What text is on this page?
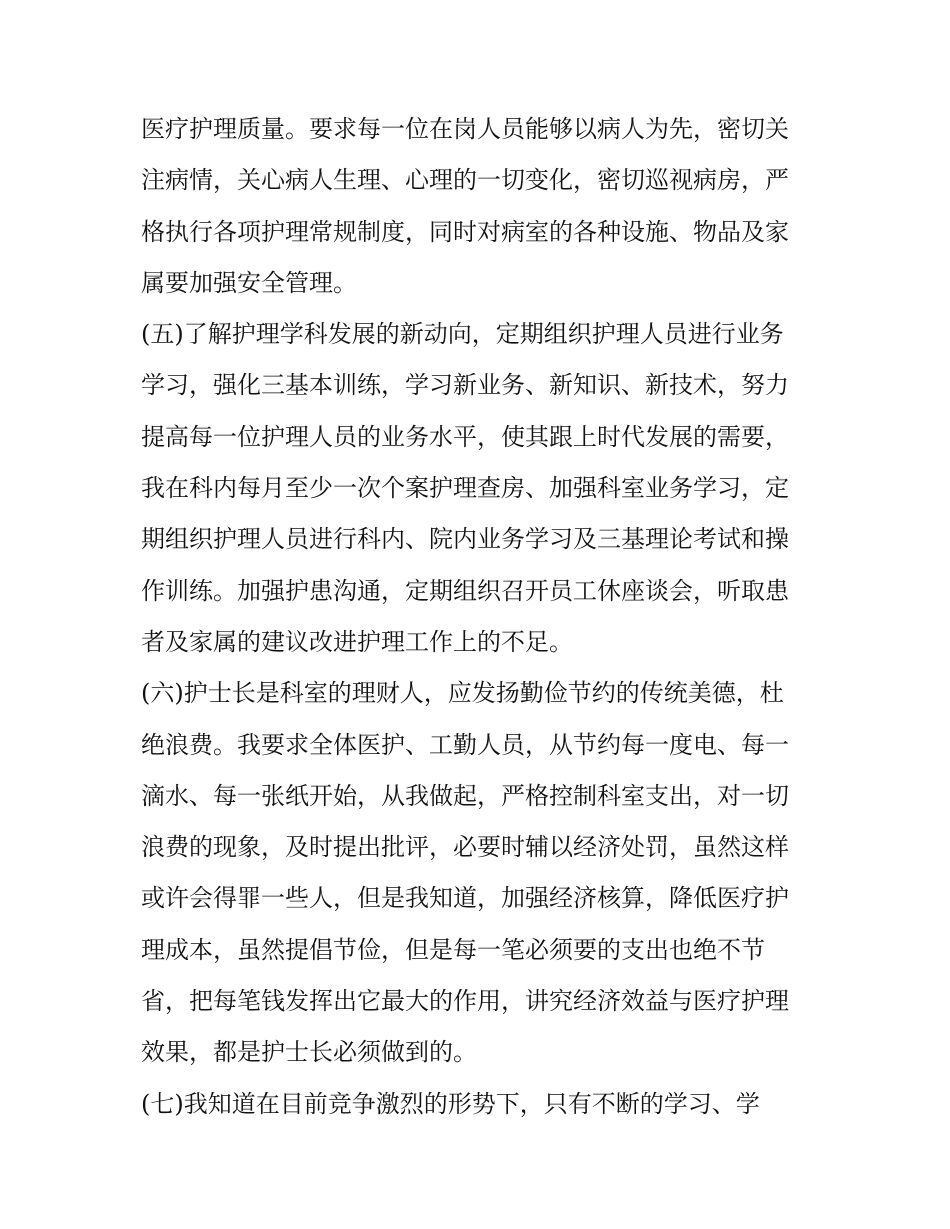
医疗护理质量。要求每一位在岗人员能够以病人为先，密切关
注病情，关心病人生理、心理的一切变化，密切巡视病房，严
格执行各项护理常规制度，同时对病室的各种设施、物品及家
属要加强安全管理。
(五)了解护理学科发展的新动向，定期组织护理人员进行业务
学习，强化三基本训练，学习新业务、新知识、新技术，努力
提高每一位护理人员的业务水平，使其跟上时代发展的需要，
我在科内每月至少一次个案护理查房、加强科室业务学习，定
期组织护理人员进行科内、院内业务学习及三基理论考试和操
作训练。加强护患沟通，定期组织召开员工休座谈会，听取患
者及家属的建议改进护理工作上的不足。
(六)护士长是科室的理财人，应发扬勤俭节约的传统美德，杜
绝浪费。我要求全体医护、工勤人员，从节约每一度电、每一
滴水、每一张纸开始，从我做起，严格控制科室支出，对一切
浪费的现象，及时提出批评，必要时辅以经济处罚，虽然这样
或许会得罪一些人，但是我知道，加强经济核算，降低医疗护
理成本，虽然提倡节俭，但是每一笔必须要的支出也绝不节
省，把每笔钱发挥出它最大的作用，讲究经济效益与医疗护理
效果，都是护士长必须做到的。
(七)我知道在目前竞争激烈的形势下，只有不断的学习、学
